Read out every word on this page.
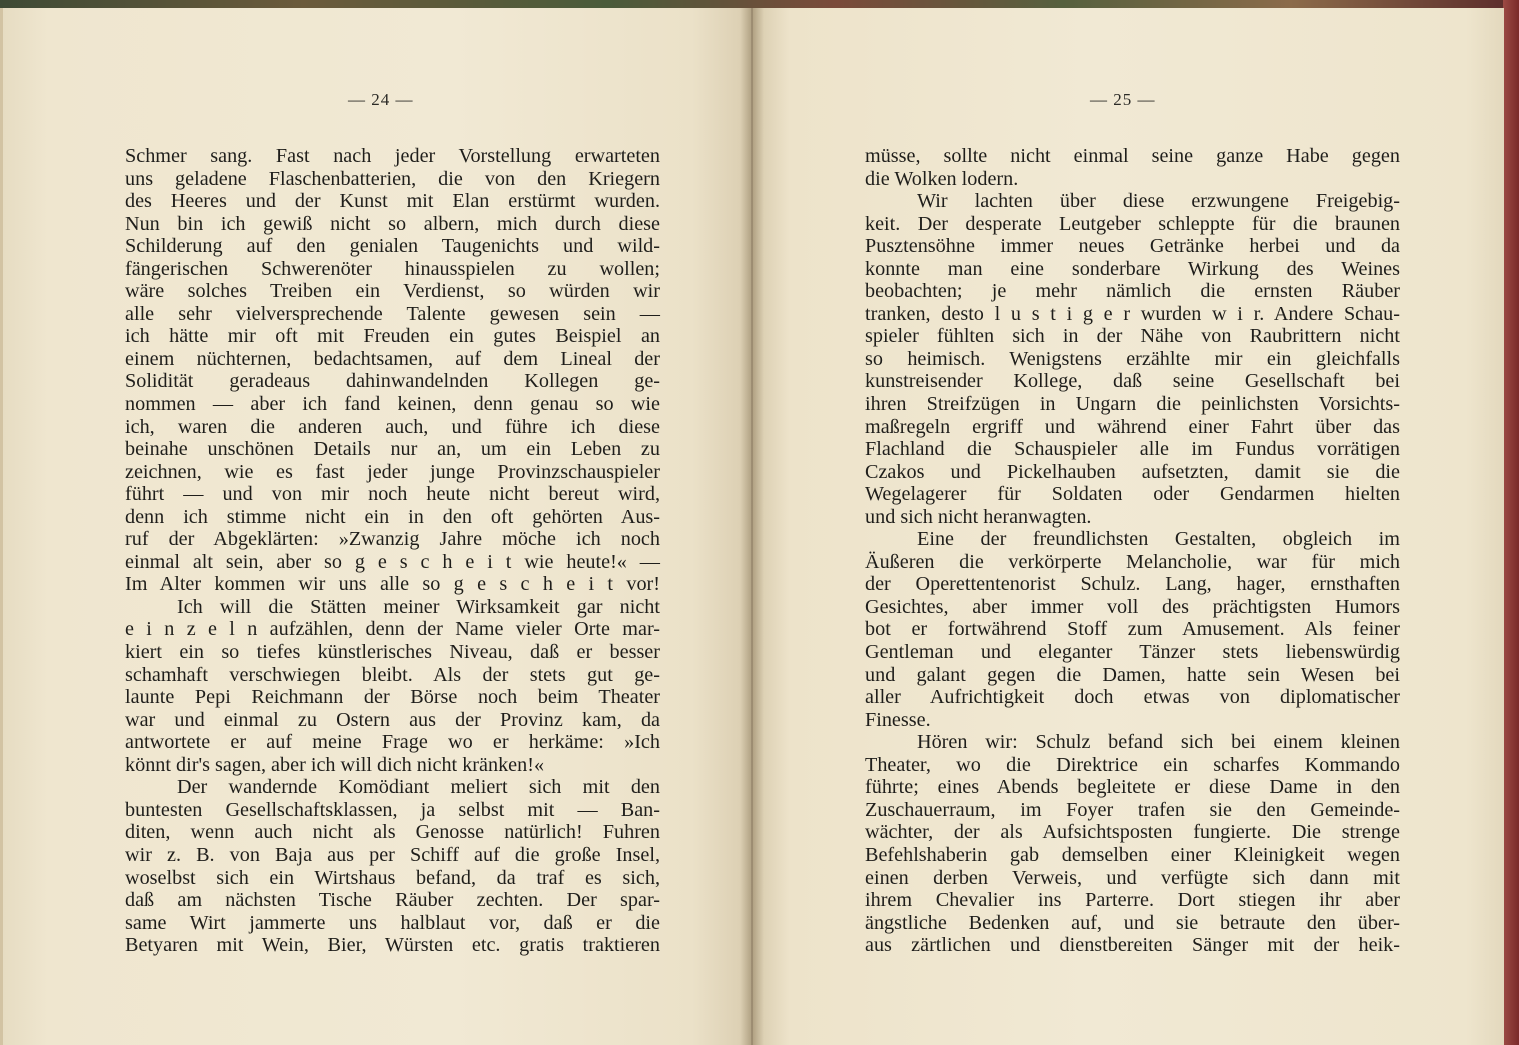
— 24 —
Schmer sang. Fast nach jeder Vorstellung erwarteten
uns geladene Flaschenbatterien, die von den Kriegern
des Heeres und der Kunst mit Elan erstürmt wurden.
Nun bin ich gewiß nicht so albern, mich durch diese
Schilderung auf den genialen Taugenichts und wild-
fängerischen Schwerenöter hinausspielen zu wollen;
wäre solches Treiben ein Verdienst, so würden wir
alle sehr vielversprechende Talente gewesen sein —
ich hätte mir oft mit Freuden ein gutes Beispiel an
einem nüchternen, bedachtsamen, auf dem Lineal der
Solidität geradeaus dahinwandelnden Kollegen ge-
nommen — aber ich fand keinen, denn genau so wie
ich, waren die anderen auch, und führe ich diese
beinahe unschönen Details nur an, um ein Leben zu
zeichnen, wie es fast jeder junge Provinzschauspieler
führt — und von mir noch heute nicht bereut wird,
denn ich stimme nicht ein in den oft gehörten Aus-
ruf der Abgeklärten: »Zwanzig Jahre möche ich noch
einmal alt sein, aber so g e s c h e i t wie heute!« —
Im Alter kommen wir uns alle so g e s c h e i t vor!
Ich will die Stätten meiner Wirksamkeit gar nicht
e i n z e l n aufzählen, denn der Name vieler Orte mar-
kiert ein so tiefes künstlerisches Niveau, daß er besser
schamhaft verschwiegen bleibt. Als der stets gut ge-
launte Pepi Reichmann der Börse noch beim Theater
war und einmal zu Ostern aus der Provinz kam, da
antwortete er auf meine Frage wo er herkäme: »Ich
könnt dir's sagen, aber ich will dich nicht kränken!«
Der wandernde Komödiant meliert sich mit den
buntesten Gesellschaftsklassen, ja selbst mit — Ban-
diten, wenn auch nicht als Genosse natürlich! Fuhren
wir z. B. von Baja aus per Schiff auf die große Insel,
woselbst sich ein Wirtshaus befand, da traf es sich,
daß am nächsten Tische Räuber zechten. Der spar-
same Wirt jammerte uns halblaut vor, daß er die
Betyaren mit Wein, Bier, Würsten etc. gratis traktieren
— 25 —
müsse, sollte nicht einmal seine ganze Habe gegen
die Wolken lodern.
Wir lachten über diese erzwungene Freigebig-
keit. Der desperate Leutgeber schleppte für die braunen
Pusztensöhne immer neues Getränke herbei und da
konnte man eine sonderbare Wirkung des Weines
beobachten; je mehr nämlich die ernsten Räuber
tranken, desto l u s t i g e r wurden w i r. Andere Schau-
spieler fühlten sich in der Nähe von Raubrittern nicht
so heimisch. Wenigstens erzählte mir ein gleichfalls
kunstreisender Kollege, daß seine Gesellschaft bei
ihren Streifzügen in Ungarn die peinlichsten Vorsichts-
maßregeln ergriff und während einer Fahrt über das
Flachland die Schauspieler alle im Fundus vorrätigen
Czakos und Pickelhauben aufsetzten, damit sie die
Wegelagerer für Soldaten oder Gendarmen hielten
und sich nicht heranwagten.
Eine der freundlichsten Gestalten, obgleich im
Äußeren die verkörperte Melancholie, war für mich
der Operettentenorist Schulz. Lang, hager, ernsthaften
Gesichtes, aber immer voll des prächtigsten Humors
bot er fortwährend Stoff zum Amusement. Als feiner
Gentleman und eleganter Tänzer stets liebenswürdig
und galant gegen die Damen, hatte sein Wesen bei
aller Aufrichtigkeit doch etwas von diplomatischer
Finesse.
Hören wir: Schulz befand sich bei einem kleinen
Theater, wo die Direktrice ein scharfes Kommando
führte; eines Abends begleitete er diese Dame in den
Zuschauerraum, im Foyer trafen sie den Gemeinde-
wächter, der als Aufsichtsposten fungierte. Die strenge
Befehlshaberin gab demselben einer Kleinigkeit wegen
einen derben Verweis, und verfügte sich dann mit
ihrem Chevalier ins Parterre. Dort stiegen ihr aber
ängstliche Bedenken auf, und sie betraute den über-
aus zärtlichen und dienstbereiten Sänger mit der heik-
